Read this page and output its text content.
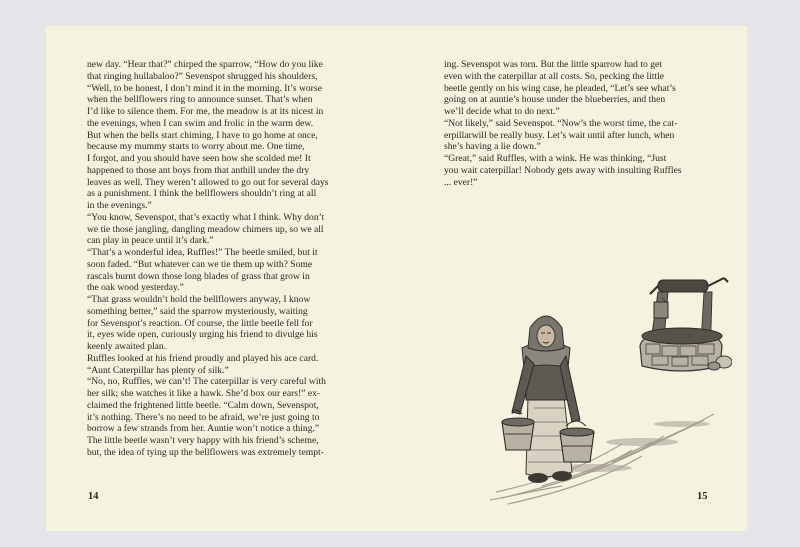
new day. “Hear that?” chirped the sparrow, “How do you like
that ringing hullabaloo?” Sevenspot shrugged his shoulders,
“Well, to be honest, I don’t mind it in the morning. It’s worse
when the bellflowers ring to announce sunset. That’s when
I’d like to silence them. For me, the meadow is at its nicest in
the evenings, when I can swim and frolic in the warm dew.
But when the bells start chiming, I have to go home at once,
because my mummy starts to worry about me. One time,
I forgot, and you should have seen how she scolded me! It
happened to those ant boys from that anthill under the dry
leaves as well. They weren’t allowed to go out for several days
as a punishment. I think the bellflowers shouldn’t ring at all
in the evenings.”

“You know, Sevenspot, that’s exactly what I think. Why don’t
we tie those jangling, dangling meadow chimers up, so we all
can play in peace until it’s dark.”

“That’s a wonderful idea, Ruffles!” The beetle smiled, but it
soon faded. “But whatever can we tie them up with? Some
rascals burnt down those long blades of grass that grow in
the oak wood yesterday.”

“That grass wouldn’t hold the bellflowers anyway, I know
something better,” said the sparrow mysteriously, waiting
for Sevenspot’s reaction. Of course, the little beetle fell for
it, eyes wide open, curiously urging his friend to divulge his
keenly awaited plan.

Ruffles looked at his friend proudly and played his ace card.
“Aunt Caterpillar has plenty of silk.”

“No, no, Ruffles, we can’t! The caterpillar is very careful with
her silk; she watches it like a hawk. She’d box our ears!” ex-
claimed the frightened little beetle. “Calm down, Sevenspot,
it’s nothing. There’s no need to be afraid, we’re just going to
borrow a few strands from her. Auntie won’t notice a thing.”

The little beetle wasn’t very happy with his friend’s scheme,
but, the idea of tying up the bellflowers was extremely tempt-

ing. Sevenspot was torn. But the little sparrow had to get
even with the caterpillar at all costs. So, pecking the little
beetle gently on his wing case, he pleaded, “Let’s see what’s
going on at auntie’s house under the blueberries, and then
we’ll decide what to do next.”

“Not likely,” said Sevenspot. “Now’s the worst time, the cat-
erpillarwill be really busy. Let’s wait until after lunch, when
she’s having a lie down.”

“Great,” said Ruffles, with a wink. He was thinking, “Just
you wait caterpillar! Nobody gets away with insulting Ruffles
... ever!”

14	15
